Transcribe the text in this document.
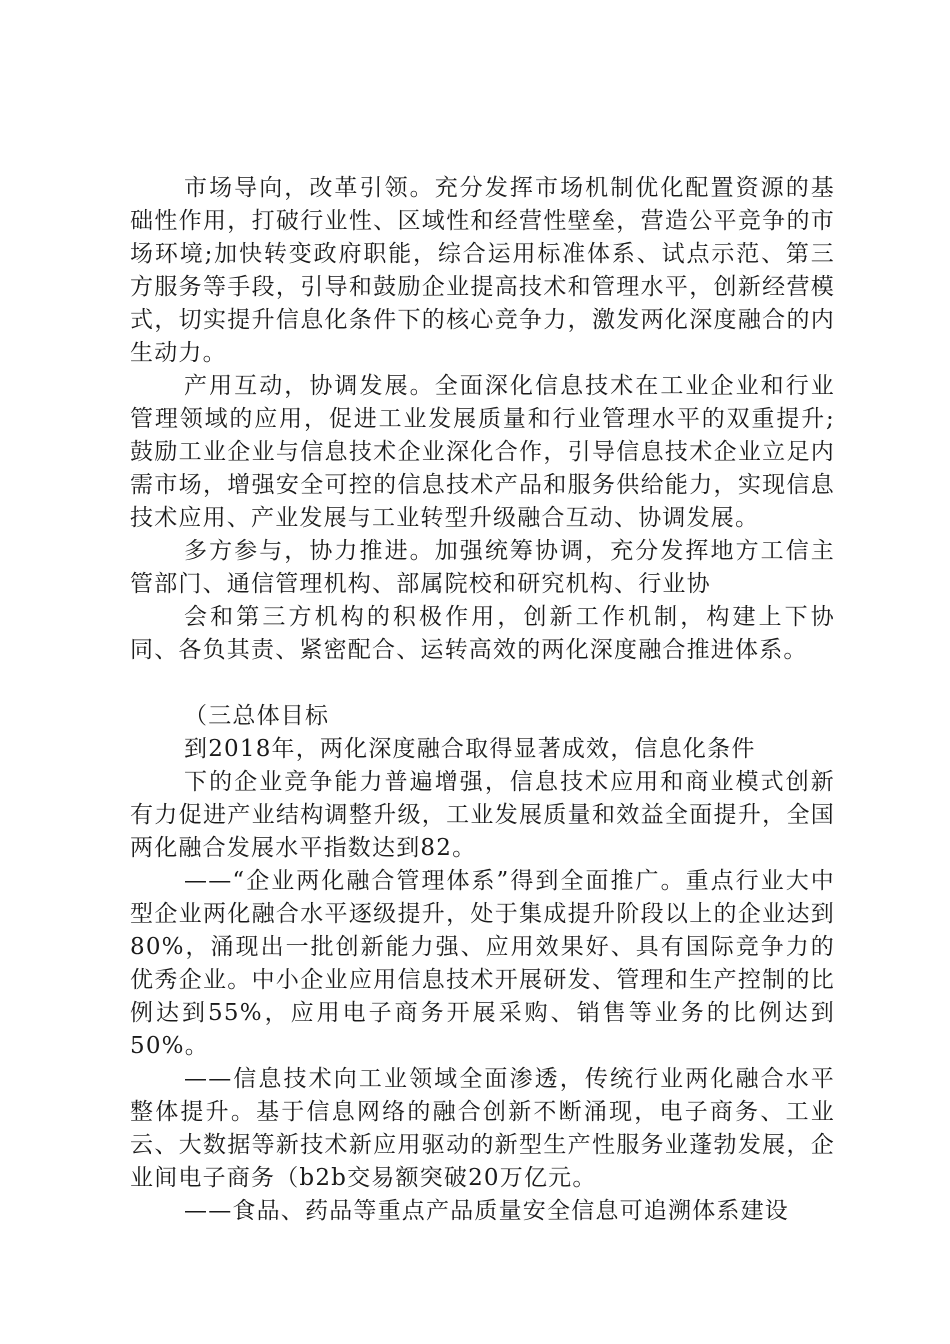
市场导向，改革引领。充分发挥市场机制优化配置资源的基础性作用，打破行业性、区域性和经营性壁垒，营造公平竞争的市场环境;加快转变政府职能，综合运用标准体系、试点示范、第三方服务等手段，引导和鼓励企业提高技术和管理水平，创新经营模式，切实提升信息化条件下的核心竞争力，激发两化深度融合的内生动力。

产用互动，协调发展。全面深化信息技术在工业企业和行业管理领域的应用，促进工业发展质量和行业管理水平的双重提升;鼓励工业企业与信息技术企业深化合作，引导信息技术企业立足内需市场，增强安全可控的信息技术产品和服务供给能力，实现信息技术应用、产业发展与工业转型升级融合互动、协调发展。

多方参与，协力推进。加强统筹协调，充分发挥地方工信主管部门、通信管理机构、部属院校和研究机构、行业协

会和第三方机构的积极作用，创新工作机制，构建上下协同、各负其责、紧密配合、运转高效的两化深度融合推进体系。

（三总体目标

到2018年，两化深度融合取得显著成效，信息化条件

下的企业竞争能力普遍增强，信息技术应用和商业模式创新有力促进产业结构调整升级，工业发展质量和效益全面提升，全国两化融合发展水平指数达到82。

——“企业两化融合管理体系”得到全面推广。重点行业大中型企业两化融合水平逐级提升，处于集成提升阶段以上的企业达到80%，涌现出一批创新能力强、应用效果好、具有国际竞争力的优秀企业。中小企业应用信息技术开展研发、管理和生产控制的比例达到55%，应用电子商务开展采购、销售等业务的比例达到50%。

——信息技术向工业领域全面渗透，传统行业两化融合水平整体提升。基于信息网络的融合创新不断涌现，电子商务、工业云、大数据等新技术新应用驱动的新型生产性服务业蓬勃发展，企业间电子商务（b2b交易额突破20万亿元。

——食品、药品等重点产品质量安全信息可追溯体系建设
